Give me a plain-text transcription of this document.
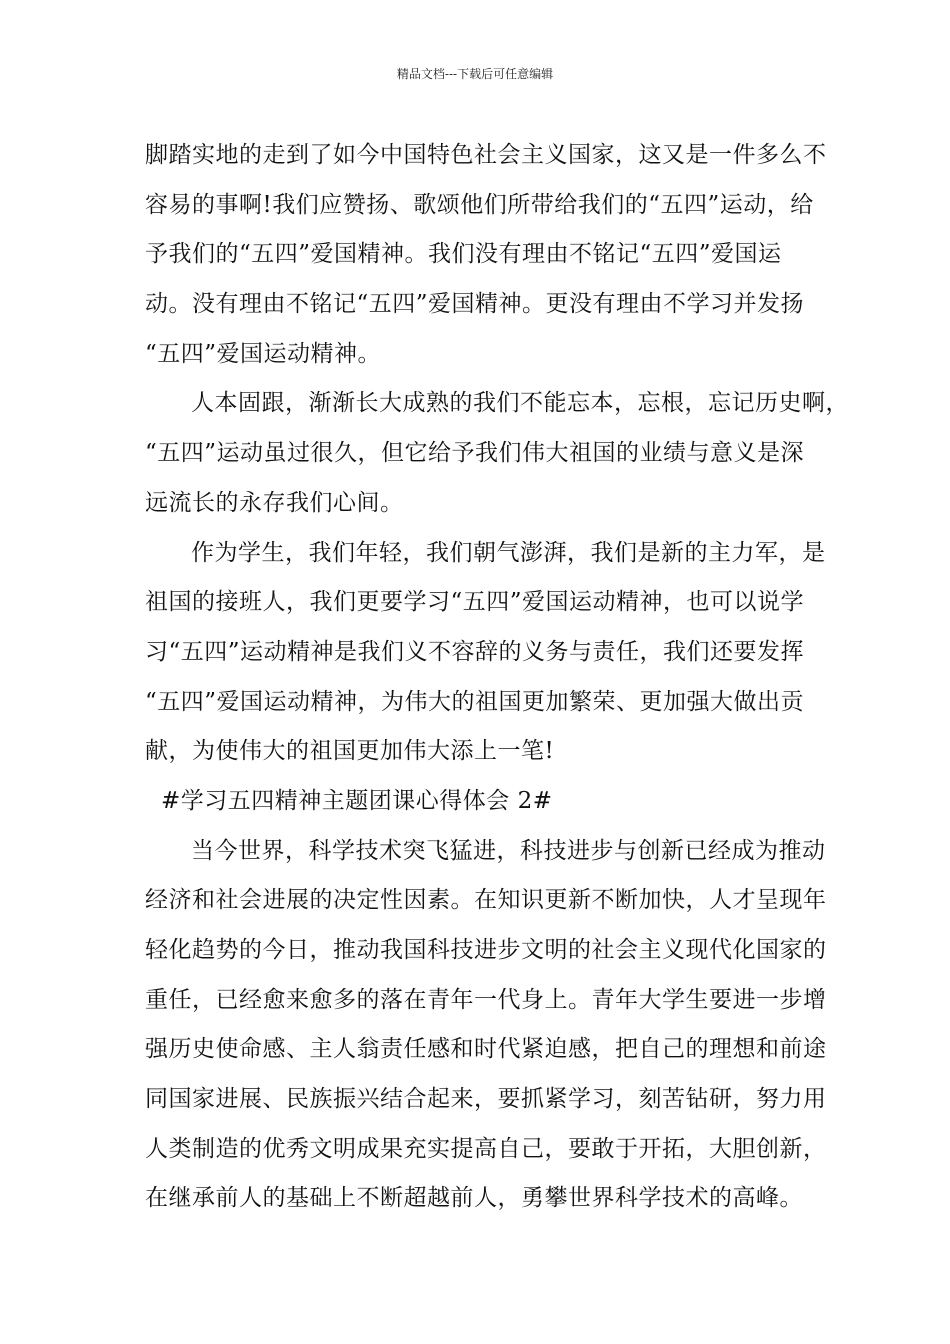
精品文档---下载后可任意编辑
脚踏实地的走到了如今中国特色社会主义国家，这又是一件多么不
容易的事啊!我们应赞扬、歌颂他们所带给我们的“五四”运动，给
予我们的“五四”爱国精神。我们没有理由不铭记“五四”爱国运
动。没有理由不铭记“五四”爱国精神。更没有理由不学习并发扬
“五四”爱国运动精神。
人本固跟，渐渐长大成熟的我们不能忘本，忘根，忘记历史啊，
“五四”运动虽过很久，但它给予我们伟大祖国的业绩与意义是深
远流长的永存我们心间。
作为学生，我们年轻，我们朝气澎湃，我们是新的主力军，是
祖国的接班人，我们更要学习“五四”爱国运动精神，也可以说学
习“五四”运动精神是我们义不容辞的义务与责任，我们还要发挥
“五四”爱国运动精神，为伟大的祖国更加繁荣、更加强大做出贡
献，为使伟大的祖国更加伟大添上一笔!
#学习五四精神主题团课心得体会 2#
当今世界，科学技术突飞猛进，科技进步与创新已经成为推动
经济和社会进展的决定性因素。在知识更新不断加快，人才呈现年
轻化趋势的今日，推动我国科技进步文明的社会主义现代化国家的
重任，已经愈来愈多的落在青年一代身上。青年大学生要进一步增
强历史使命感、主人翁责任感和时代紧迫感，把自己的理想和前途
同国家进展、民族振兴结合起来，要抓紧学习，刻苦钻研，努力用
人类制造的优秀文明成果充实提高自己，要敢于开拓，大胆创新，
在继承前人的基础上不断超越前人，勇攀世界科学技术的高峰。
